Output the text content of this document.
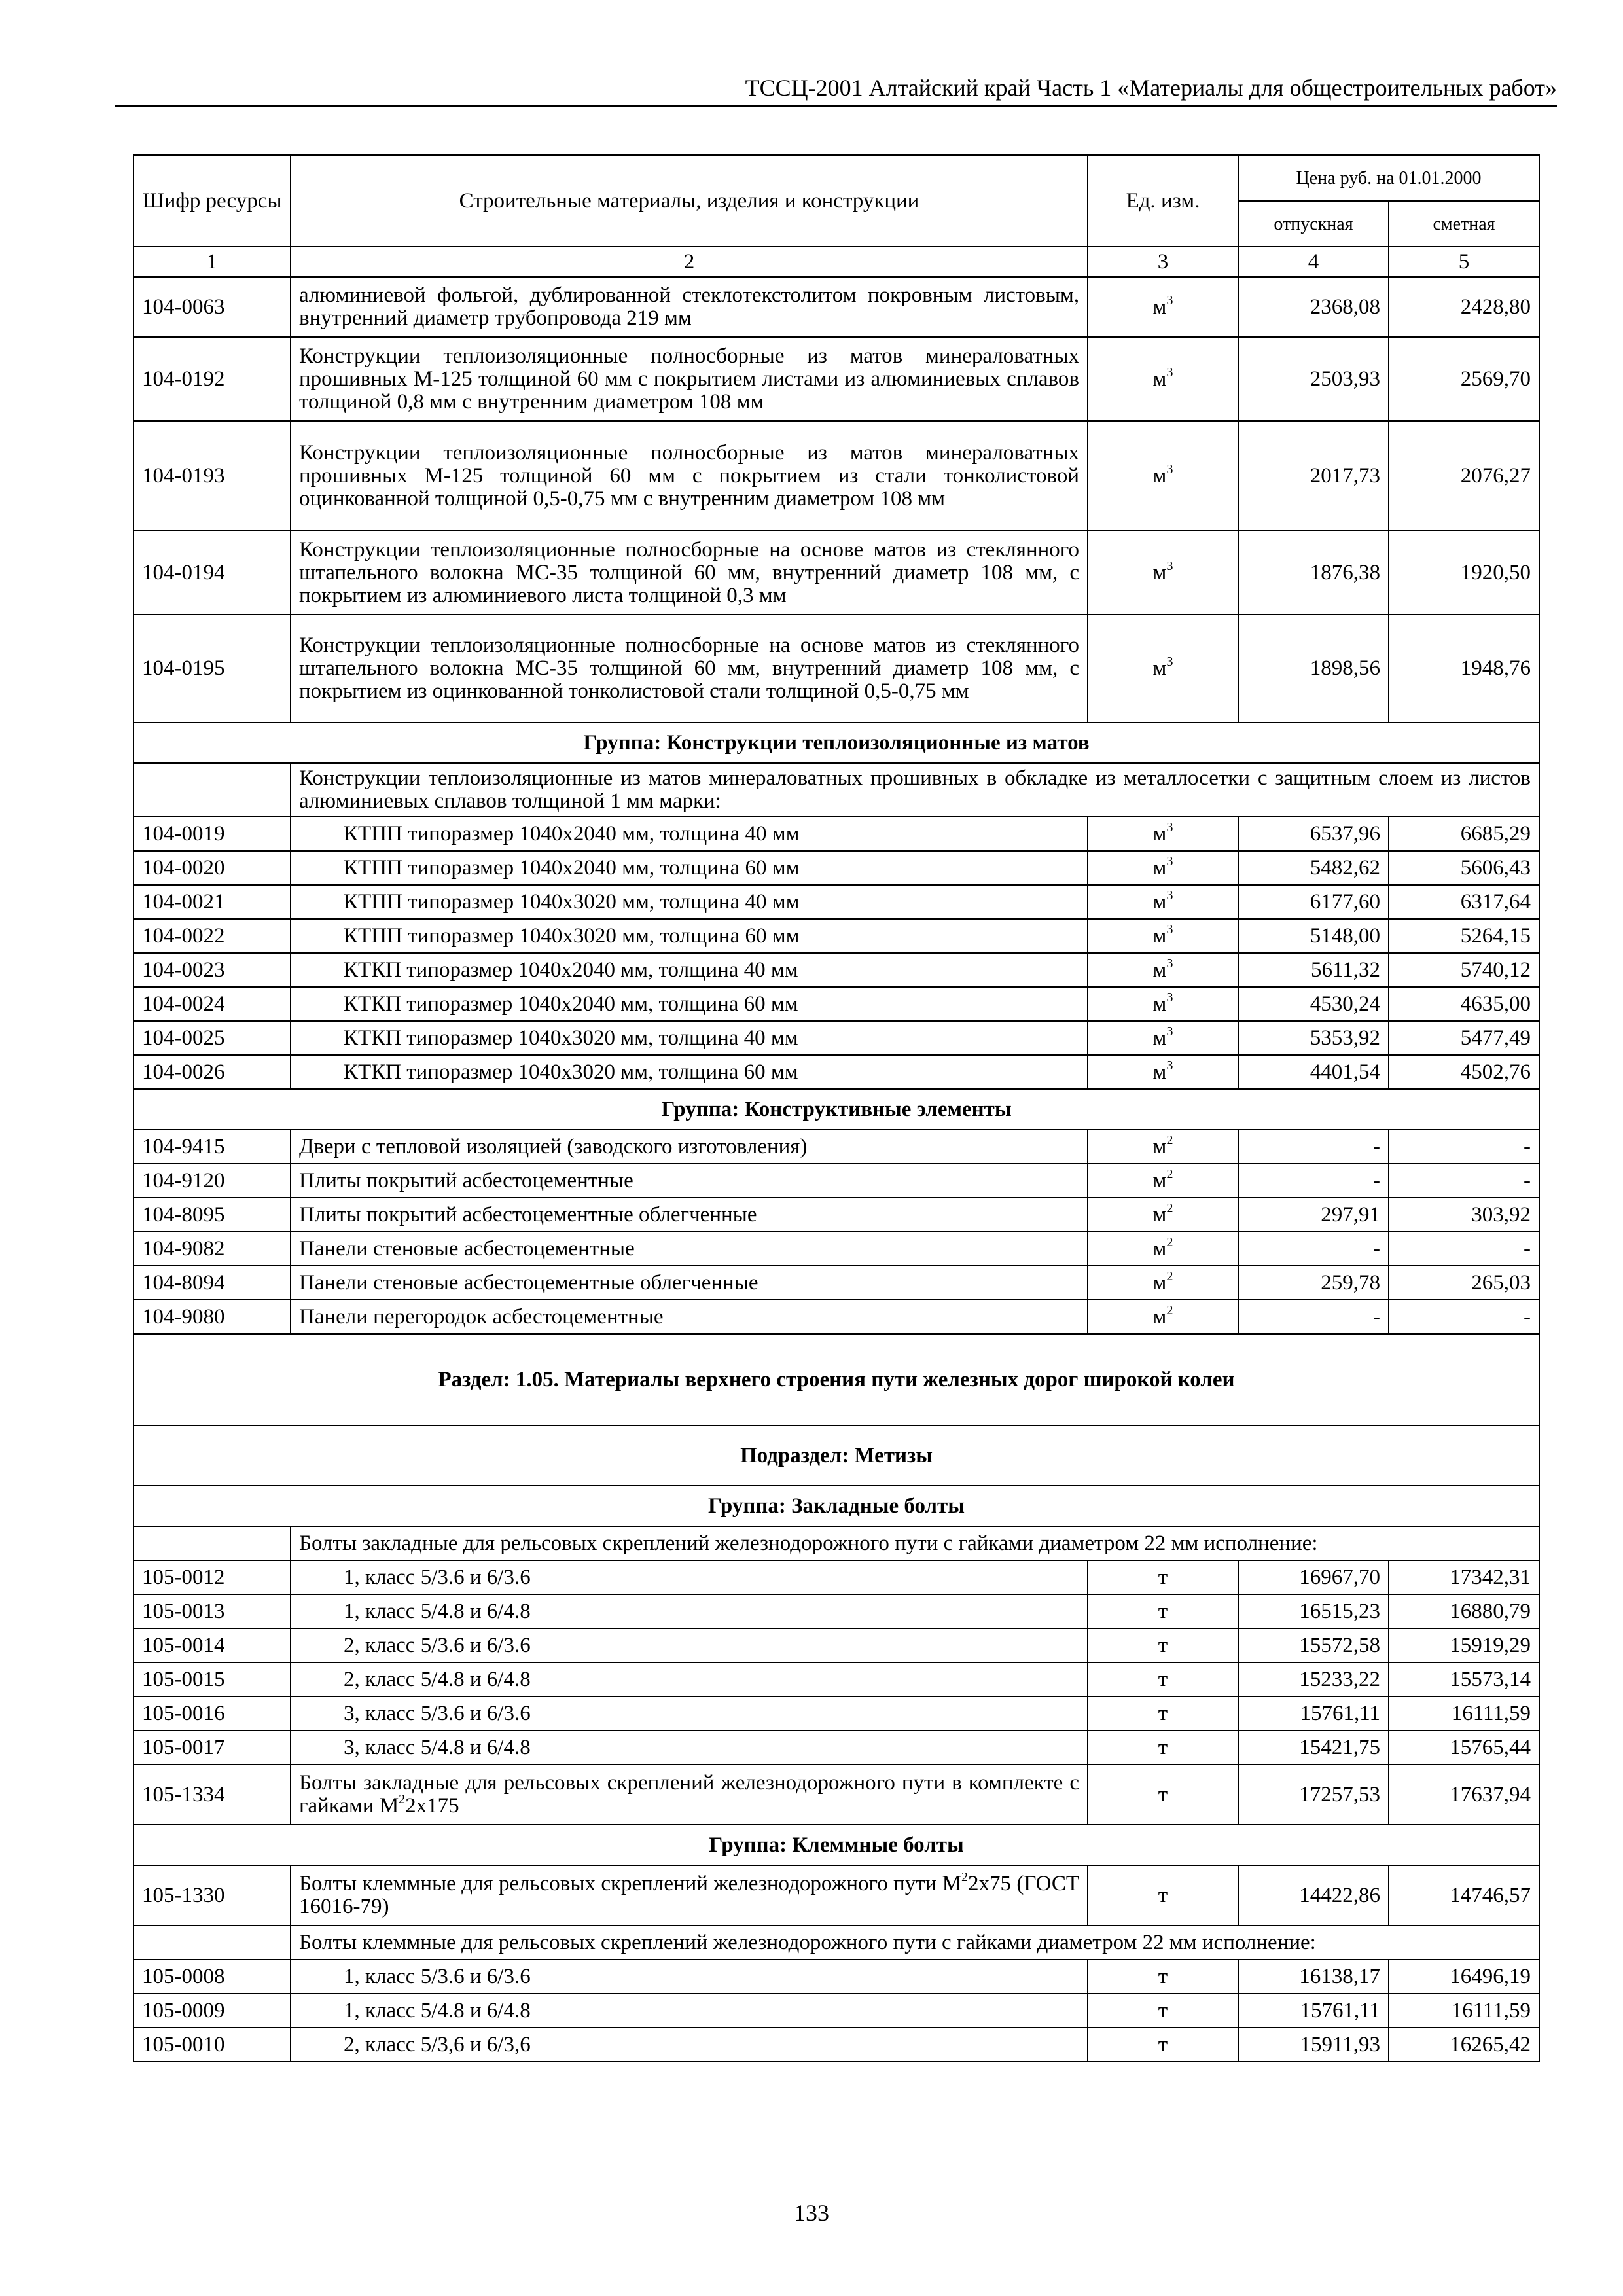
ТССЦ-2001 Алтайский край Часть 1 «Материалы для общестроительных работ»
Шифр ресурсы	Строительные материалы, изделия и конструкции	Ед. изм.	Цена руб. на 01.01.2000	
			отпускная	сметная
1	2	3	4	5
104-0063	алюминиевой фольгой, дублированной стеклотекстолитом покровным листовым, внутренний диаметр трубопровода 219 мм	$м^3$	2368,08	2428,80
104-0192	Конструкции теплоизоляционные полносборные из матов минераловатных прошивных М-125 толщиной 60 мм с покрытием листами из алюминиевых сплавов толщиной 0,8 мм с внутренним диаметром 108 мм	$м^3$	2503,93	2569,70
104-0193	Конструкции теплоизоляционные полносборные из матов минераловатных прошивных М-125 толщиной 60 мм с покрытием из стали тонколистовой оцинкованной толщиной 0,5-0,75 мм с внутренним диаметром 108 мм	$м^3$	2017,73	2076,27
104-0194	Конструкции теплоизоляционные полносборные на основе матов из стеклянного штапельного волокна МС-35 толщиной 60 мм, внутренний диаметр 108 мм, с покрытием из алюминиевого листа толщиной 0,3 мм	$м^3$	1876,38	1920,50
104-0195	Конструкции теплоизоляционные полносборные на основе матов из стеклянного штапельного волокна МС-35 толщиной 60 мм, внутренний диаметр 108 мм, с покрытием из оцинкованной тонколистовой стали толщиной 0,5-0,75 мм	$м^3$	1898,56	1948,76
Группа: Конструкции теплоизоляционные из матов				
	Конструкции теплоизоляционные из матов минераловатных прошивных в обкладке из металлосетки с защитным слоем из листов алюминиевых сплавов толщиной 1 мм марки:			
104-0019	КТПП типоразмер 1040х2040 мм, толщина 40 мм	$м^3$	6537,96	6685,29
104-0020	КТПП типоразмер 1040х2040 мм, толщина 60 мм	$м^3$	5482,62	5606,43
104-0021	КТПП типоразмер 1040х3020 мм, толщина 40 мм	$м^3$	6177,60	6317,64
104-0022	КТПП типоразмер 1040х3020 мм, толщина 60 мм	$м^3$	5148,00	5264,15
104-0023	КТКП типоразмер 1040х2040 мм, толщина 40 мм	$м^3$	5611,32	5740,12
104-0024	КТКП типоразмер 1040х2040 мм, толщина 60 мм	$м^3$	4530,24	4635,00
104-0025	КТКП типоразмер 1040х3020 мм, толщина 40 мм	$м^3$	5353,92	5477,49
104-0026	КТКП типоразмер 1040х3020 мм, толщина 60 мм	$м^3$	4401,54	4502,76
Группа: Конструктивные элементы				
104-9415	Двери с тепловой изоляцией (заводского изготовления)	$м^2$	-	-
104-9120	Плиты покрытий асбестоцементные	$м^2$	-	-
104-8095	Плиты покрытий асбестоцементные облегченные	$м^2$	297,91	303,92
104-9082	Панели стеновые асбестоцементные	$м^2$	-	-
104-8094	Панели стеновые асбестоцементные облегченные	$м^2$	259,78	265,03
104-9080	Панели перегородок асбестоцементные	$м^2$	-	-
Раздел: 1.05. Материалы верхнего строения пути железных дорог широкой колеи				
Подраздел: Метизы				
Группа: Закладные болты				
	Болты закладные для рельсовых скреплений железнодорожного пути с гайками диаметром 22 мм исполнение:			
105-0012	1, класс 5/3.6 и 6/3.6	т	16967,70	17342,31
105-0013	1, класс 5/4.8 и 6/4.8	т	16515,23	16880,79
105-0014	2, класс 5/3.6 и 6/3.6	т	15572,58	15919,29
105-0015	2, класс 5/4.8 и 6/4.8	т	15233,22	15573,14
105-0016	3, класс 5/3.6 и 6/3.6	т	15761,11	16111,59
105-0017	3, класс 5/4.8 и 6/4.8	т	15421,75	15765,44
105-1334	Болты закладные для рельсовых скреплений железнодорожного пути в комплекте с гайками $М^22х175$	т	17257,53	17637,94
Группа: Клеммные болты				
105-1330	Болты клеммные для рельсовых скреплений железнодорожного пути $М^22х75$ (ГОСТ 16016-79)	т	14422,86	14746,57
	Болты клеммные для рельсовых скреплений железнодорожного пути с гайками диаметром 22 мм исполнение:			
105-0008	1, класс 5/3.6 и 6/3.6	т	16138,17	16496,19
105-0009	1, класс 5/4.8 и 6/4.8	т	15761,11	16111,59
105-0010	2, класс 5/3,6 и 6/3,6	т	15911,93	16265,42
133
